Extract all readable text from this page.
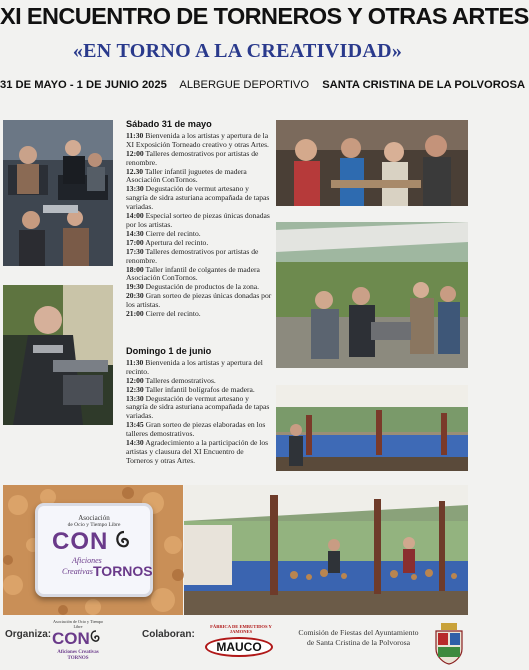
XI ENCUENTRO DE TORNEROS Y OTRAS ARTES
«EN TORNO A LA CREATIVIDAD»
31 DE MAYO - 1 DE JUNIO 2025 ALBERGUE DEPORTIVO SANTA CRISTINA DE LA POLVOROSA
Sábado 31 de mayo

11:30 Bienvenida a los artistas y apertura de la XI Exposición Torneado creativo y otras Artes.

12:00 Talleres demostrativos por artistas de renombre.

12.30 Taller infantil juguetes de madera Asociación ConTornos.

13:30 Degustación de vermut artesano y sangría de sidra asturiana acompañada de tapas variadas.

14:00 Especial sorteo de piezas únicas donadas por los artistas.

14:30 Cierre del recinto.

17:00 Apertura del recinto.

17:30 Talleres demostrativos por artistas de renombre.

18:00 Taller infantil de colgantes de madera Asociación ConTornos.

19:30 Degustación de productos de la zona.

20:30 Gran sorteo de piezas únicas donadas por los artistas.

21:00 Cierre del recinto.

Domingo 1 de junio

11:30 Bienvenida a los artistas y apertura del recinto.

12:00 Talleres demostrativos.

12:30 Taller infantil bolígrafos de madera.

13:30 Degustación de vermut artesano y sangría de sidra asturiana acompañada de tapas variadas.

13:45 Gran sorteo de piezas elaboradas en los talleres demostrativos.

14:30 Agradecimiento a la participación de los artistas y clausura del XI Encuentro de Torneros y otras Artes.

Asociación
de Ocio y Tiempo Libre
CON
Aficiones
Creativas TORNOS
Organiza:
Asociación de Ocio y Tiempo Libre
CON
Aficiones Creativas TORNOS
Colaboran:
FÁBRICA DE EMBUTIDOS Y JAMONES
MAUCO
Comisión de Fiestas del Ayuntamiento
de Santa Cristina de la Polvorosa
